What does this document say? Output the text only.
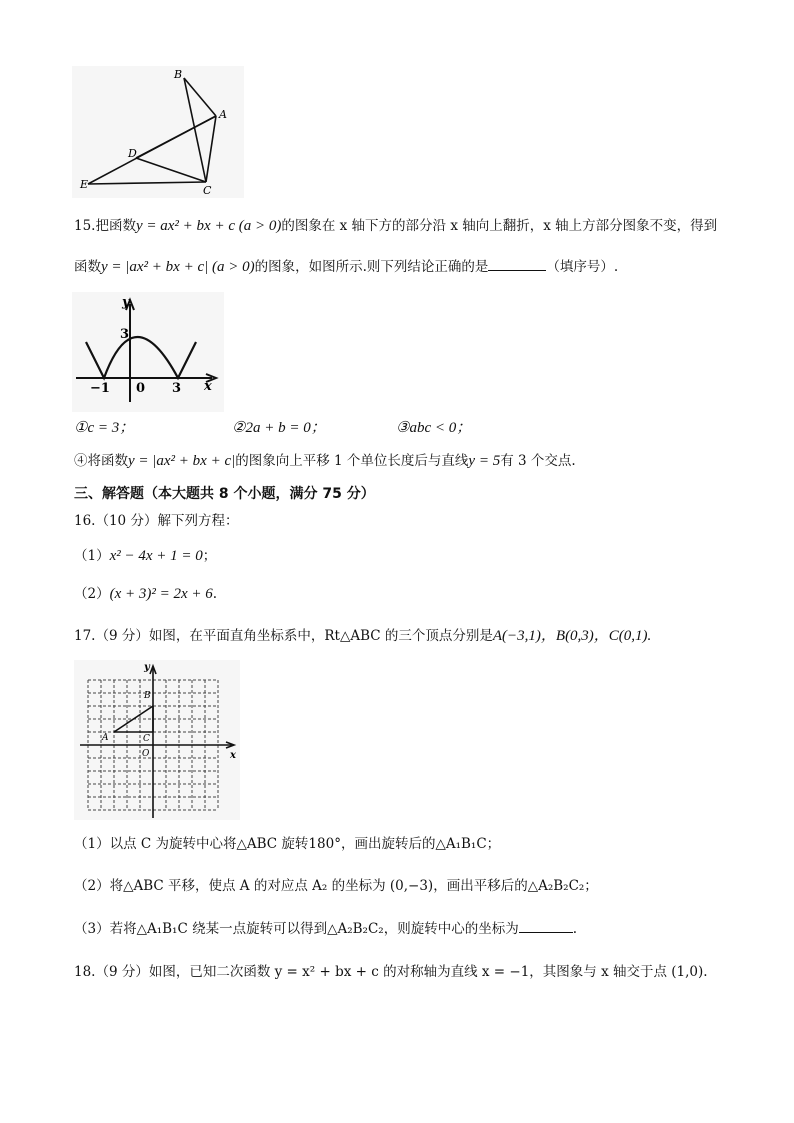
B
A
D
E	C
15.把函数y = ax² + bx + c (a > 0)的图象在 x 轴下方的部分沿 x 轴向上翻折，x 轴上方部分图象不变，得到
函数y = |ax² + bx + c| (a > 0)的图象，如图所示.则下列结论正确的是	（填序号）.
y
x
3
−1 0 3
①c = 3；	②2a + b = 0；	③abc < 0；
④将函数y = |ax² + bx + c|的图象向上平移 1 个单位长度后与直线y = 5有 3 个交点.
三、解答题（本大题共 8 个小题，满分 75 分）
16.（10 分）解下列方程：
（1）x² − 4x + 1 = 0；
（2）(x + 3)² = 2x + 6.
17.（9 分）如图，在平面直角坐标系中，Rt△ABC 的三个顶点分别是A(−3,1)，B(0,3)，C(0,1).
y
x
B
A	C
O
（1）以点 C 为旋转中心将△ABC 旋转180°，画出旋转后的△A₁B₁C；
（2）将△ABC 平移，使点 A 的对应点 A₂ 的坐标为 (0,−3)，画出平移后的△A₂B₂C₂；
（3）若将△A₁B₁C 绕某一点旋转可以得到△A₂B₂C₂，则旋转中心的坐标为	.
18.（9 分）如图，已知二次函数 y = x² + bx + c 的对称轴为直线 x = −1，其图象与 x 轴交于点 (1,0).
